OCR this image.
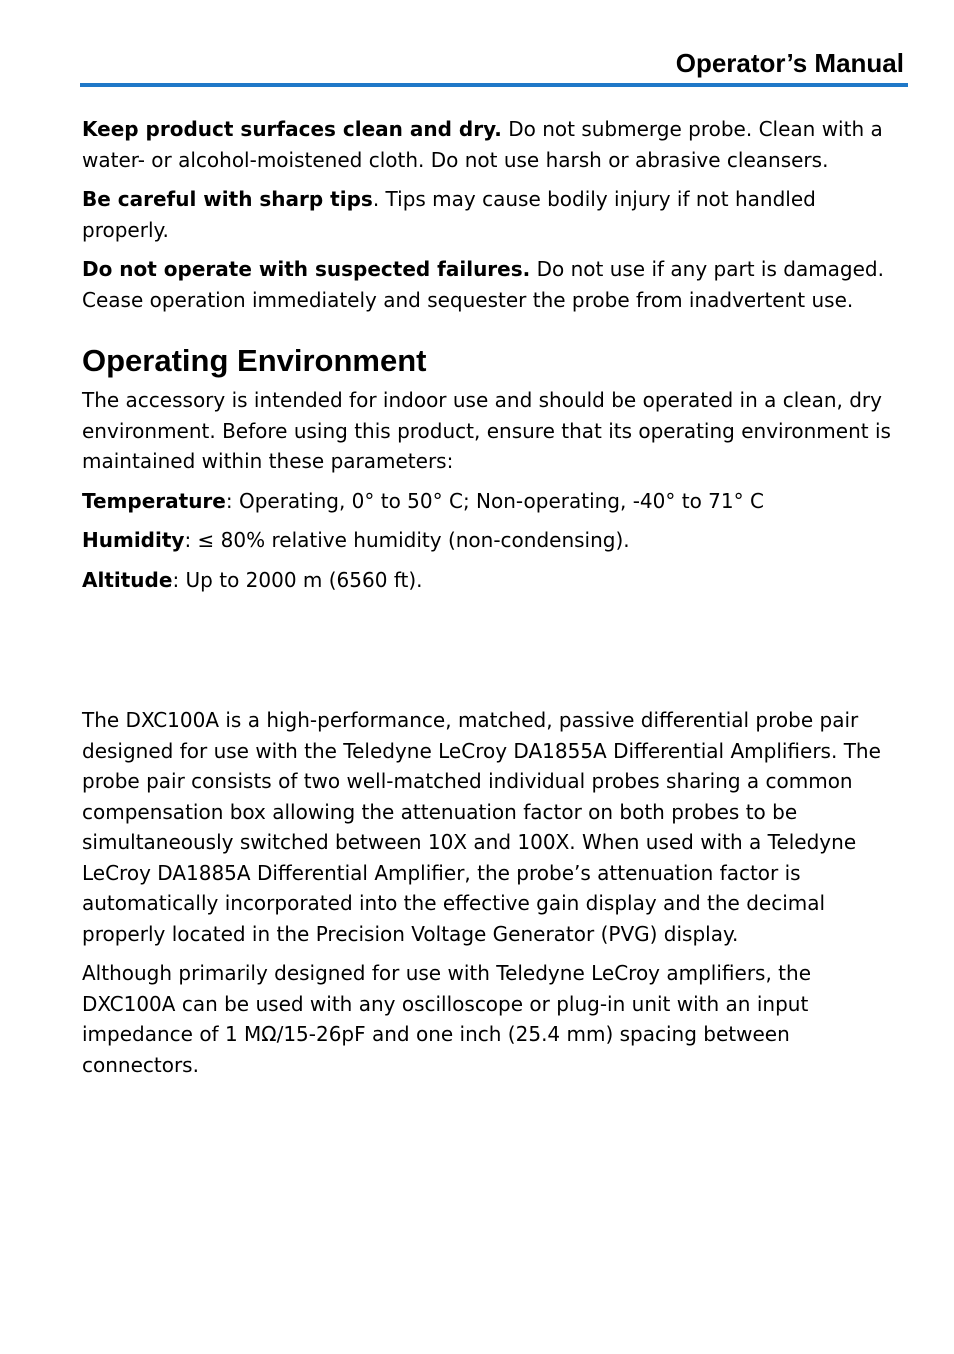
Operator’s Manual

Keep product surfaces clean and dry. Do not submerge probe. Clean with a water- or alcohol-moistened cloth. Do not use harsh or abrasive cleansers.

Be careful with sharp tips. Tips may cause bodily injury if not handled properly.

Do not operate with suspected failures. Do not use if any part is damaged. Cease operation immediately and sequester the probe from inadvertent use.

Operating Environment

The accessory is intended for indoor use and should be operated in a clean, dry environment. Before using this product, ensure that its operating environment is maintained within these parameters:

Temperature: Operating, 0° to 50° C; Non-operating, -40° to 71° C

Humidity: ≤ 80% relative humidity (non-condensing).

Altitude: Up to 2000 m (6560 ft).

The DXC100A is a high-performance, matched, passive differential probe pair designed for use with the Teledyne LeCroy DA1855A Differential Amplifiers. The probe pair consists of two well-matched individual probes sharing a common compensation box allowing the attenuation factor on both probes to be simultaneously switched between 10X and 100X. When used with a Teledyne LeCroy DA1885A Differential Amplifier, the probe’s attenuation factor is automatically incorporated into the effective gain display and the decimal properly located in the Precision Voltage Generator (PVG) display.

Although primarily designed for use with Teledyne LeCroy amplifiers, the DXC100A can be used with any oscilloscope or plug-in unit with an input impedance of 1 MΩ/15-26pF and one inch (25.4 mm) spacing between connectors.
